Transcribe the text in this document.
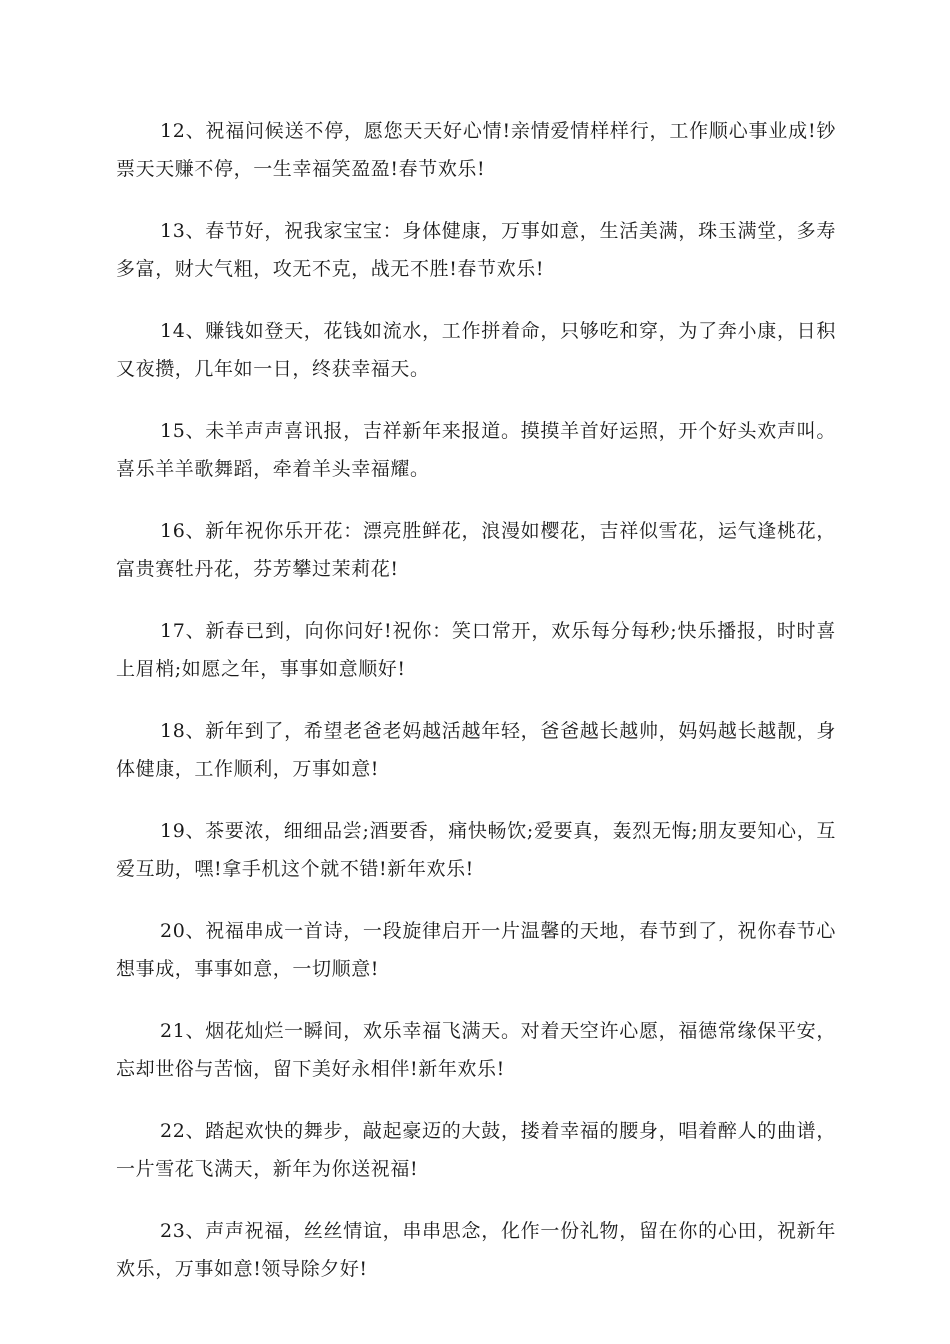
12、祝福问候送不停，愿您天天好心情!亲情爱情样样行，工作顺心事业成!钞票天天赚不停，一生幸福笑盈盈!春节欢乐!

13、春节好，祝我家宝宝：身体健康，万事如意，生活美满，珠玉满堂，多寿多富，财大气粗，攻无不克，战无不胜!春节欢乐!

14、赚钱如登天，花钱如流水，工作拼着命，只够吃和穿，为了奔小康，日积又夜攒，几年如一日，终获幸福天。

15、未羊声声喜讯报，吉祥新年来报道。摸摸羊首好运照，开个好头欢声叫。喜乐羊羊歌舞蹈，牵着羊头幸福耀。

16、新年祝你乐开花：漂亮胜鲜花，浪漫如樱花，吉祥似雪花，运气逢桃花，富贵赛牡丹花，芬芳攀过茉莉花!

17、新春已到，向你问好!祝你：笑口常开，欢乐每分每秒;快乐播报，时时喜上眉梢;如愿之年，事事如意顺好!

18、新年到了，希望老爸老妈越活越年轻，爸爸越长越帅，妈妈越长越靓，身体健康，工作顺利，万事如意!

19、茶要浓，细细品尝;酒要香，痛快畅饮;爱要真，轰烈无悔;朋友要知心，互爱互助，嘿!拿手机这个就不错!新年欢乐!

20、祝福串成一首诗，一段旋律启开一片温馨的天地，春节到了，祝你春节心想事成，事事如意，一切顺意!

21、烟花灿烂一瞬间，欢乐幸福飞满天。对着天空许心愿，福德常缘保平安，忘却世俗与苦恼，留下美好永相伴!新年欢乐!

22、踏起欢快的舞步，敲起豪迈的大鼓，搂着幸福的腰身，唱着醉人的曲谱，一片雪花飞满天，新年为你送祝福!

23、声声祝福，丝丝情谊，串串思念，化作一份礼物，留在你的心田，祝新年欢乐，万事如意!领导除夕好!
